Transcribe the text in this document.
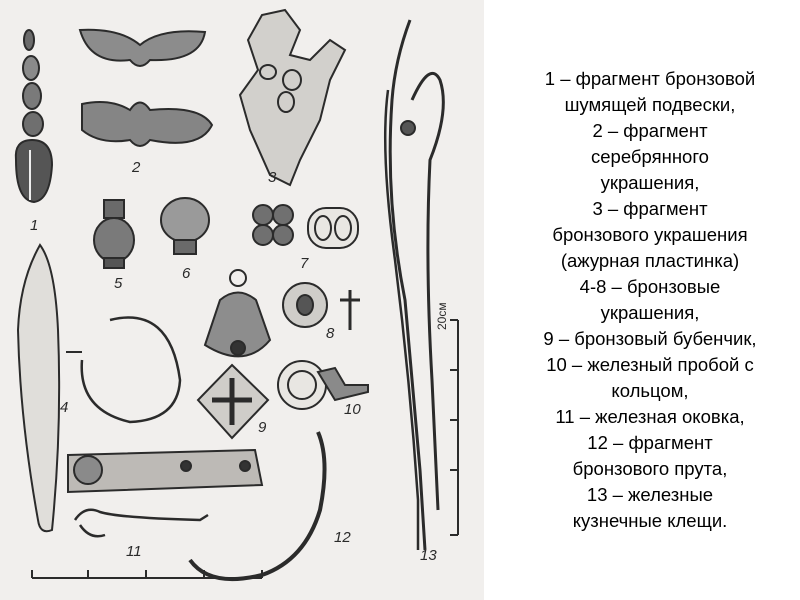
1
2
3
4
5
6
7
8
9
10
11
12
13
20см
1 – фрагмент бронзовой
шумящей подвески,
2 – фрагмент
серебрянного
украшения,
3 – фрагмент
бронзового украшения
(ажурная пластинка)
4-8 – бронзовые
украшения,
9 – бронзовый бубенчик,
10 – железный пробой с
кольцом,
11 – железная оковка,
12 – фрагмент
бронзового прута,
13 – железные
кузнечные клещи.
